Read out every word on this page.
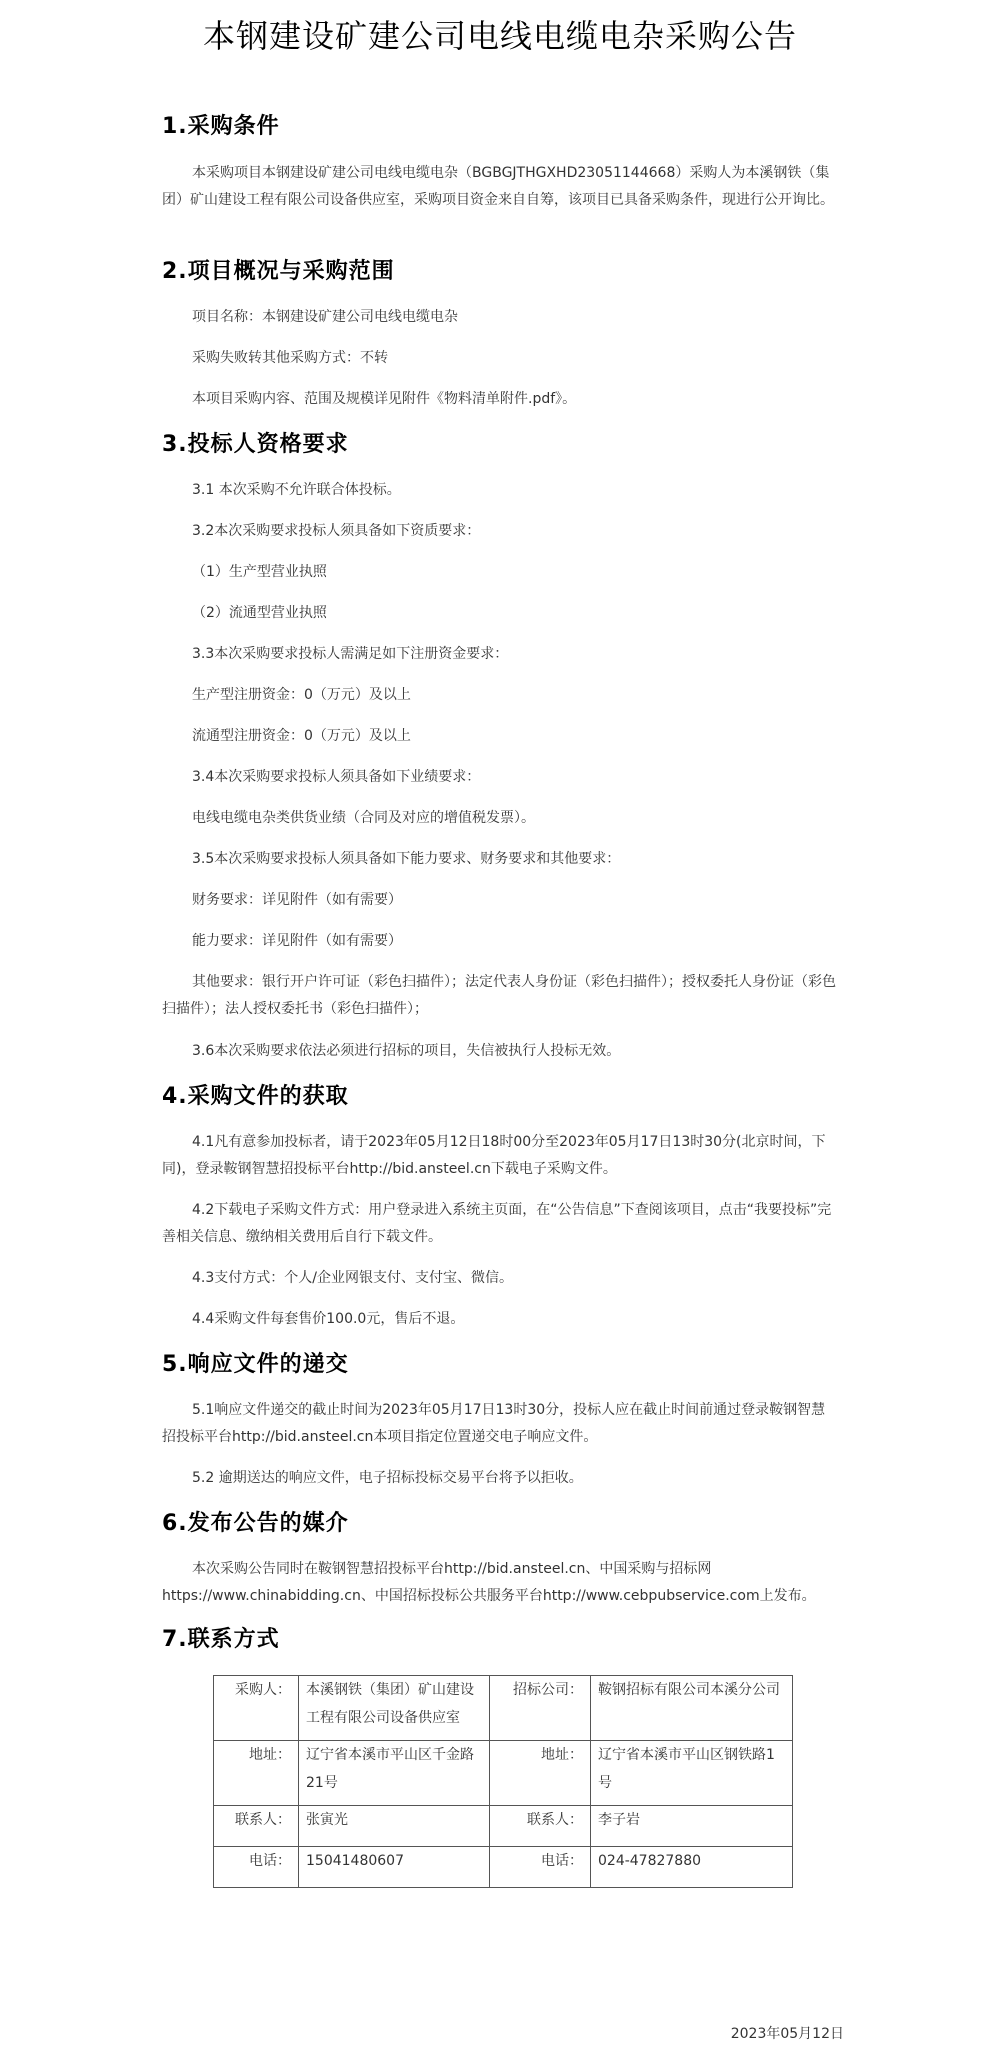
本钢建设矿建公司电线电缆电杂采购公告
1.采购条件

本采购项目本钢建设矿建公司电线电缆电杂（BGBGJTHGXHD23051144668）采购人为本溪钢铁（集团）矿山建设工程有限公司设备供应室，采购项目资金来自自筹，该项目已具备采购条件，现进行公开询比。

2.项目概况与采购范围

项目名称：本钢建设矿建公司电线电缆电杂

采购失败转其他采购方式：不转

本项目采购内容、范围及规模详见附件《物料清单附件.pdf》。

3.投标人资格要求

3.1 本次采购不允许联合体投标。

3.2本次采购要求投标人须具备如下资质要求：

（1）生产型营业执照

（2）流通型营业执照

3.3本次采购要求投标人需满足如下注册资金要求：

生产型注册资金：0（万元）及以上

流通型注册资金：0（万元）及以上

3.4本次采购要求投标人须具备如下业绩要求：

电线电缆电杂类供货业绩（合同及对应的增值税发票）。

3.5本次采购要求投标人须具备如下能力要求、财务要求和其他要求：

财务要求：详见附件（如有需要）

能力要求：详见附件（如有需要）

其他要求：银行开户许可证（彩色扫描件）；法定代表人身份证（彩色扫描件）；授权委托人身份证（彩色扫描件）；法人授权委托书（彩色扫描件）；

3.6本次采购要求依法必须进行招标的项目，失信被执行人投标无效。

4.采购文件的获取

4.1凡有意参加投标者，请于2023年05月12日18时00分至2023年05月17日13时30分(北京时间，下同)，登录鞍钢智慧招投标平台http://bid.ansteel.cn下载电子采购文件。

4.2下载电子采购文件方式：用户登录进入系统主页面，在“公告信息”下查阅该项目，点击“我要投标”完善相关信息、缴纳相关费用后自行下载文件。

4.3支付方式：个人/企业网银支付、支付宝、微信。

4.4采购文件每套售价100.0元，售后不退。

5.响应文件的递交

5.1响应文件递交的截止时间为2023年05月17日13时30分，投标人应在截止时间前通过登录鞍钢智慧招投标平台http://bid.ansteel.cn本项目指定位置递交电子响应文件。

5.2 逾期送达的响应文件，电子招标投标交易平台将予以拒收。

6.发布公告的媒介

本次采购公告同时在鞍钢智慧招投标平台http://bid.ansteel.cn、中国采购与招标网https://www.chinabidding.cn、中国招标投标公共服务平台http://www.cebpubservice.com上发布。

7.联系方式
采购人：	本溪钢铁（集团）矿山建设工程有限公司设备供应室	招标公司：	鞍钢招标有限公司本溪分公司
地址：	辽宁省本溪市平山区千金路21号	地址：	辽宁省本溪市平山区钢铁路1号
联系人：	张寅光	联系人：	李子岩
电话：	15041480607	电话：	024-47827880
2023年05月12日
